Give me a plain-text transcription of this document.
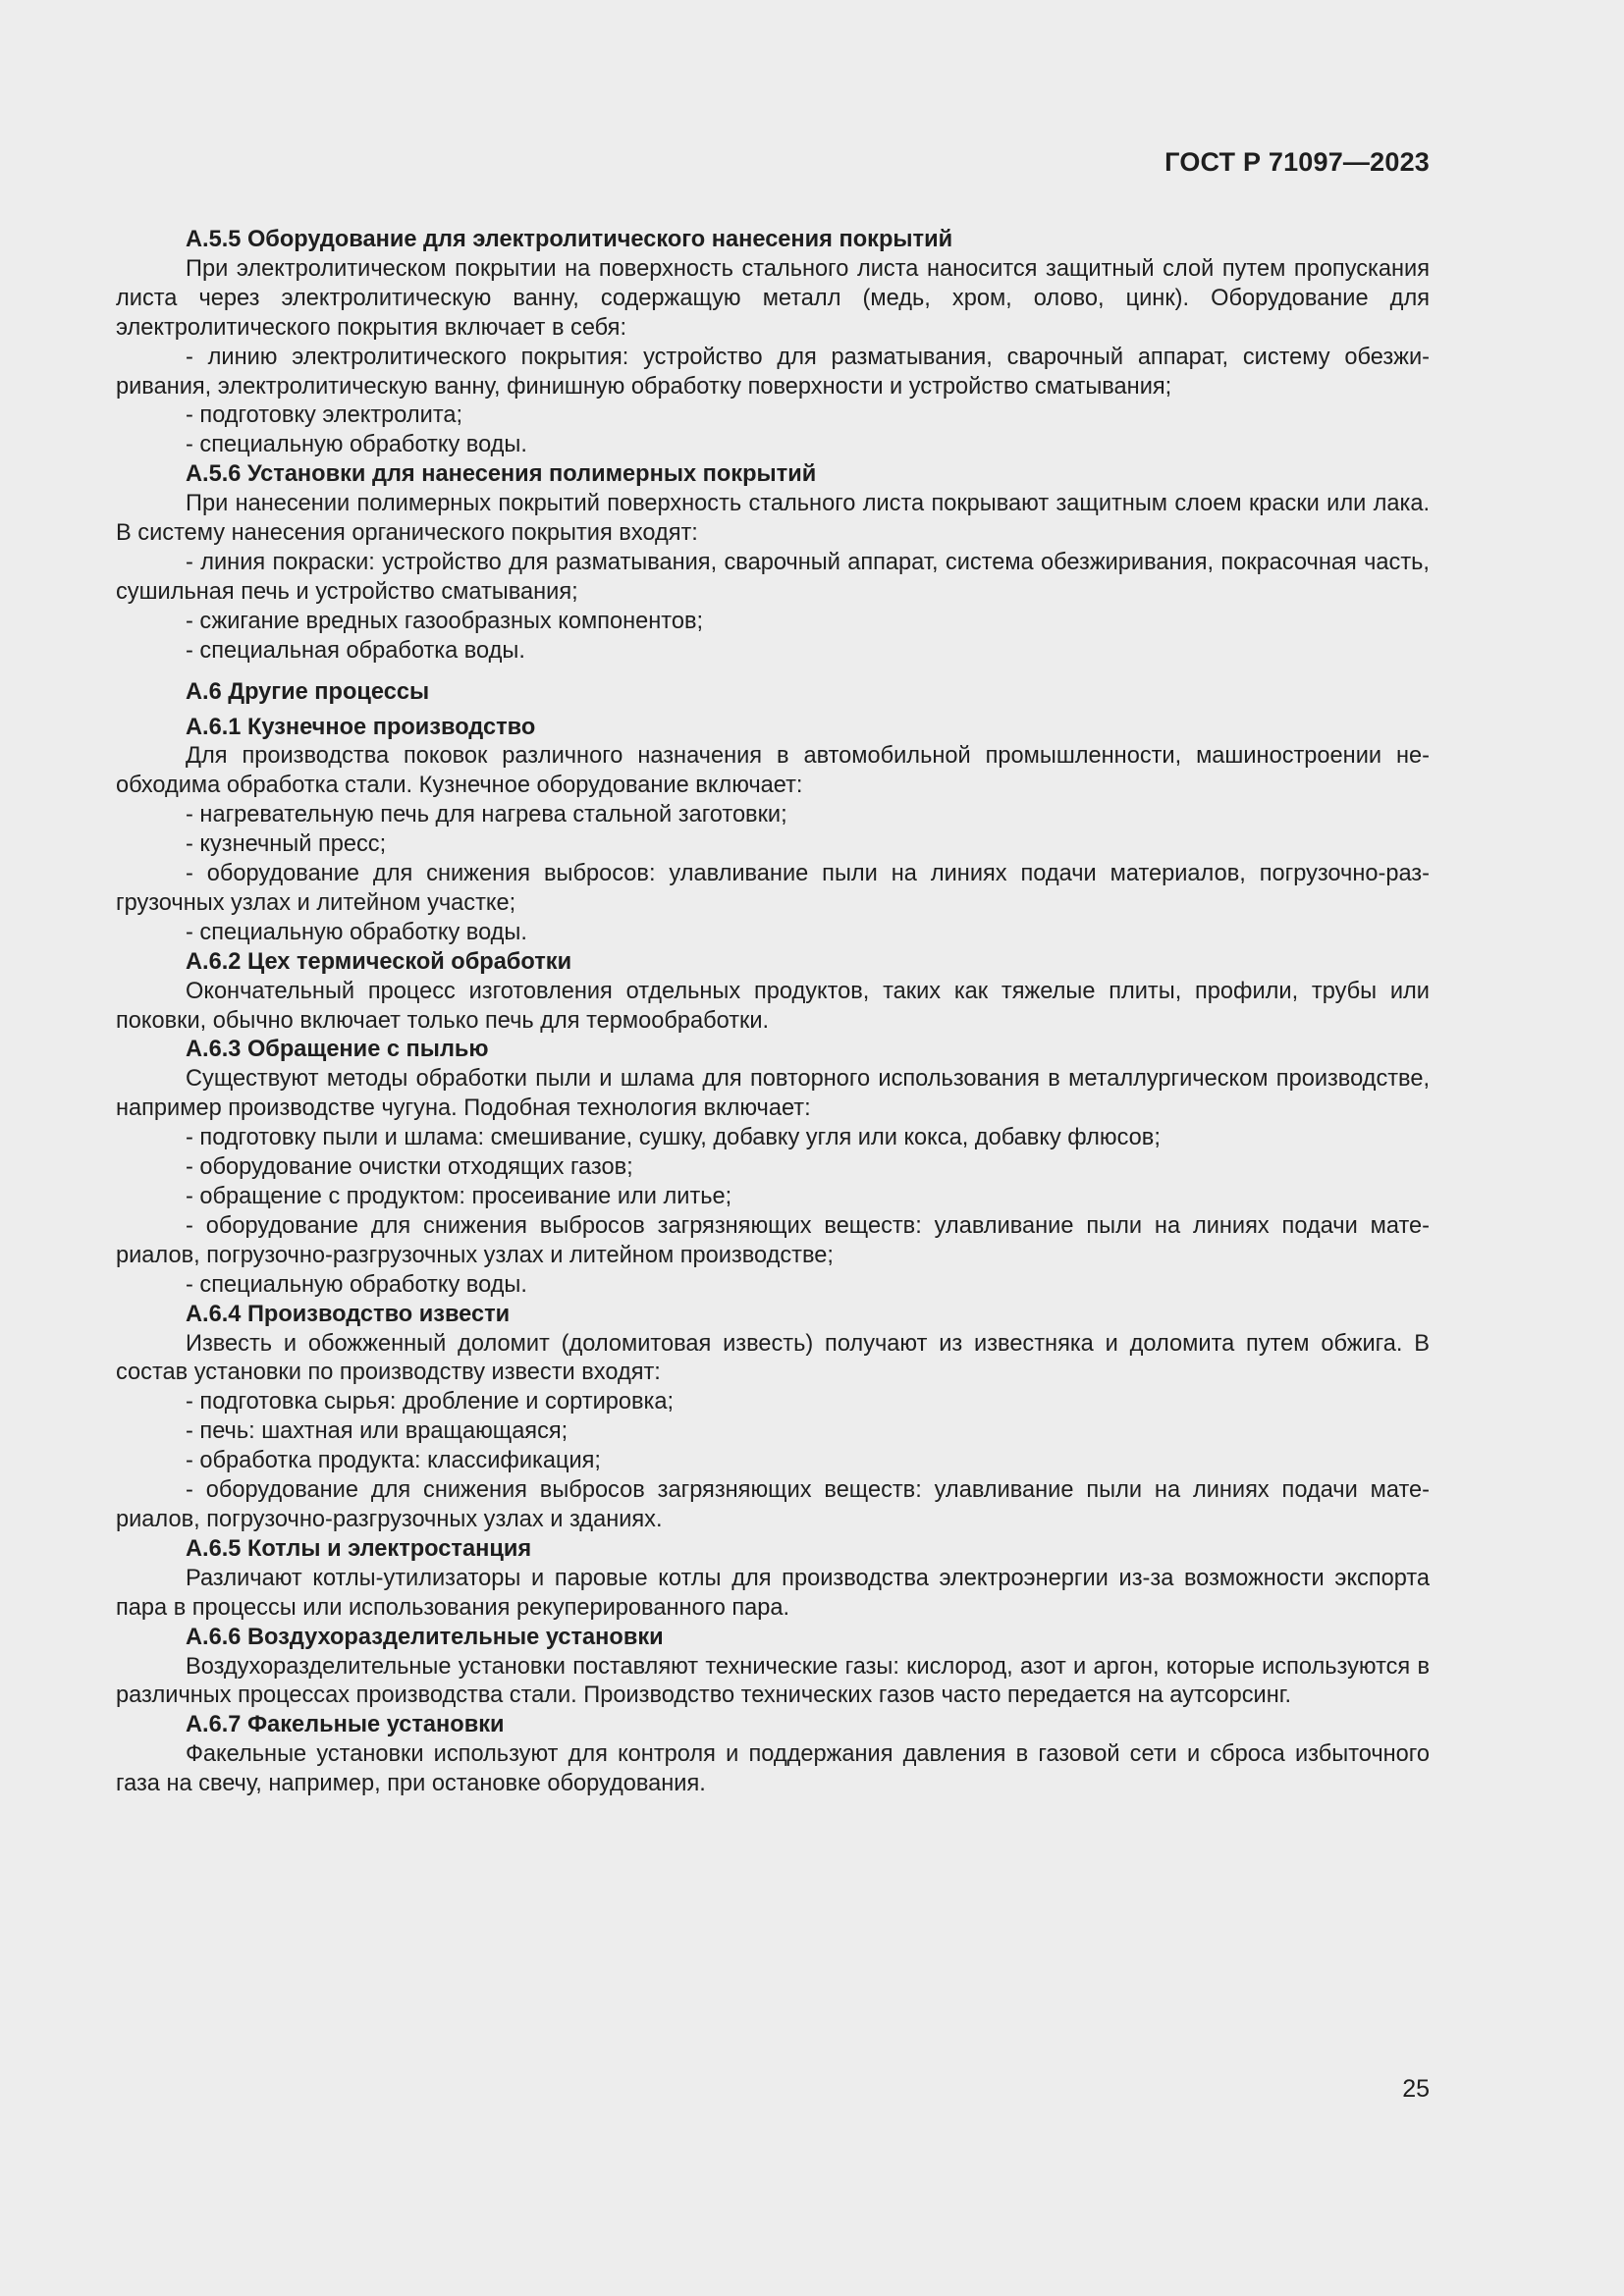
ГОСТ Р 71097—2023

А.5.5 Оборудование для электролитического нанесения покрытий

При электролитическом покрытии на поверхность стального листа наносится защитный слой путем пропускания листа через электролитическую ванну, содержащую металл (медь, хром, олово, цинк). Оборудование для электролитического покрытия включает в себя:

- линию электролитического покрытия: устройство для разматывания, сварочный аппарат, систему обезжиривания, электролитическую ванну, финишную обработку поверхности и устройство сматывания;

- подготовку электролита;

- специальную обработку воды.

А.5.6 Установки для нанесения полимерных покрытий

При нанесении полимерных покрытий поверхность стального листа покрывают защитным слоем краски или лака. В систему нанесения органического покрытия входят:

- линия покраски: устройство для разматывания, сварочный аппарат, система обезжиривания, покрасочная часть, сушильная печь и устройство сматывания;

- сжигание вредных газообразных компонентов;

- специальная обработка воды.

А.6 Другие процессы

А.6.1 Кузнечное производство

Для производства поковок различного назначения в автомобильной промышленности, машиностроении необходима обработка стали. Кузнечное оборудование включает:

- нагревательную печь для нагрева стальной заготовки;

- кузнечный пресс;

- оборудование для снижения выбросов: улавливание пыли на линиях подачи материалов, погрузочно-разгрузочных узлах и литейном участке;

- специальную обработку воды.

А.6.2 Цех термической обработки

Окончательный процесс изготовления отдельных продуктов, таких как тяжелые плиты, профили, трубы или поковки, обычно включает только печь для термообработки.

А.6.3 Обращение с пылью

Существуют методы обработки пыли и шлама для повторного использования в металлургическом производстве, например производстве чугуна. Подобная технология включает:

- подготовку пыли и шлама: смешивание, сушку, добавку угля или кокса, добавку флюсов;

- оборудование очистки отходящих газов;

- обращение с продуктом: просеивание или литье;

- оборудование для снижения выбросов загрязняющих веществ: улавливание пыли на линиях подачи материалов, погрузочно-разгрузочных узлах и литейном производстве;

- специальную обработку воды.

А.6.4 Производство извести

Известь и обожженный доломит (доломитовая известь) получают из известняка и доломита путем обжига. В состав установки по производству извести входят:

- подготовка сырья: дробление и сортировка;

- печь: шахтная или вращающаяся;

- обработка продукта: классификация;

- оборудование для снижения выбросов загрязняющих веществ: улавливание пыли на линиях подачи материалов, погрузочно-разгрузочных узлах и зданиях.

А.6.5 Котлы и электростанция

Различают котлы-утилизаторы и паровые котлы для производства электроэнергии из-за возможности экспорта пара в процессы или использования рекуперированного пара.

А.6.6 Воздухоразделительные установки

Воздухоразделительные установки поставляют технические газы: кислород, азот и аргон, которые используются в различных процессах производства стали. Производство технических газов часто передается на аутсорсинг.

А.6.7 Факельные установки

Факельные установки используют для контроля и поддержания давления в газовой сети и сброса избыточного газа на свечу, например, при остановке оборудования.

25
